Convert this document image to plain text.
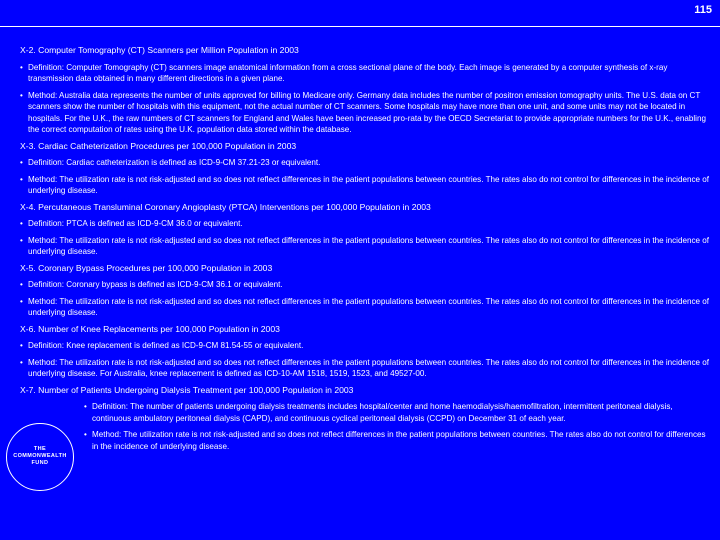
115

X-2. Computer Tomography (CT) Scanners per Million Population in 2003

• Definition: Computer Tomography (CT) scanners image anatomical information from a cross sectional plane of the body. Each image is generated by a computer synthesis of x-ray transmission data obtained in many different directions in a given plane.
• Method: Australia data represents the number of units approved for billing to Medicare only. Germany data includes the number of positron emission tomography units. The U.S. data on CT scanners show the number of hospitals with this equipment, not the actual number of CT scanners. Some hospitals may have more than one unit, and some units may not be located in hospitals. For the U.K., the raw numbers of CT scanners for England and Wales have been increased pro-rata by the OECD Secretariat to provide appropriate numbers for the U.K., enabling the correct computation of rates using the U.K. population data stored within the database.

X-3. Cardiac Catheterization Procedures per 100,000 Population in 2003

• Definition: Cardiac catheterization is defined as ICD-9-CM 37.21-23 or equivalent.
• Method: The utilization rate is not risk-adjusted and so does not reflect differences in the patient populations between countries. The rates also do not control for differences in the incidence of underlying disease.

X-4. Percutaneous Transluminal Coronary Angioplasty (PTCA) Interventions per 100,000 Population in 2003

• Definition: PTCA is defined as ICD-9-CM 36.0 or equivalent.
• Method: The utilization rate is not risk-adjusted and so does not reflect differences in the patient populations between countries. The rates also do not control for differences in the incidence of underlying disease.

X-5. Coronary Bypass Procedures per 100,000 Population in 2003

• Definition: Coronary bypass is defined as ICD-9-CM 36.1 or equivalent.
• Method: The utilization rate is not risk-adjusted and so does not reflect differences in the patient populations between countries. The rates also do not control for differences in the incidence of underlying disease.

X-6. Number of Knee Replacements per 100,000 Population in 2003

• Definition: Knee replacement is defined as ICD-9-CM 81.54-55 or equivalent.
• Method: The utilization rate is not risk-adjusted and so does not reflect differences in the patient populations between countries. The rates also do not control for differences in the incidence of underlying disease. For Australia, knee replacement is defined as ICD-10-AM 1518, 1519, 1523, and 49527-00.

X-7. Number of Patients Undergoing Dialysis Treatment per 100,000 Population in 2003

• Definition: The number of patients undergoing dialysis treatments includes hospital/center and home haemodialysis/haemofiltration, intermittent peritoneal dialysis, continuous ambulatory peritoneal dialysis (CAPD), and continuous cyclical peritoneal dialysis (CCPD) on December 31 of each year.
• Method: The utilization rate is not risk-adjusted and so does not reflect differences in the patient populations between countries. The rates also do not control for differences in the incidence of underlying disease.
THE
COMMONWEALTH
FUND
